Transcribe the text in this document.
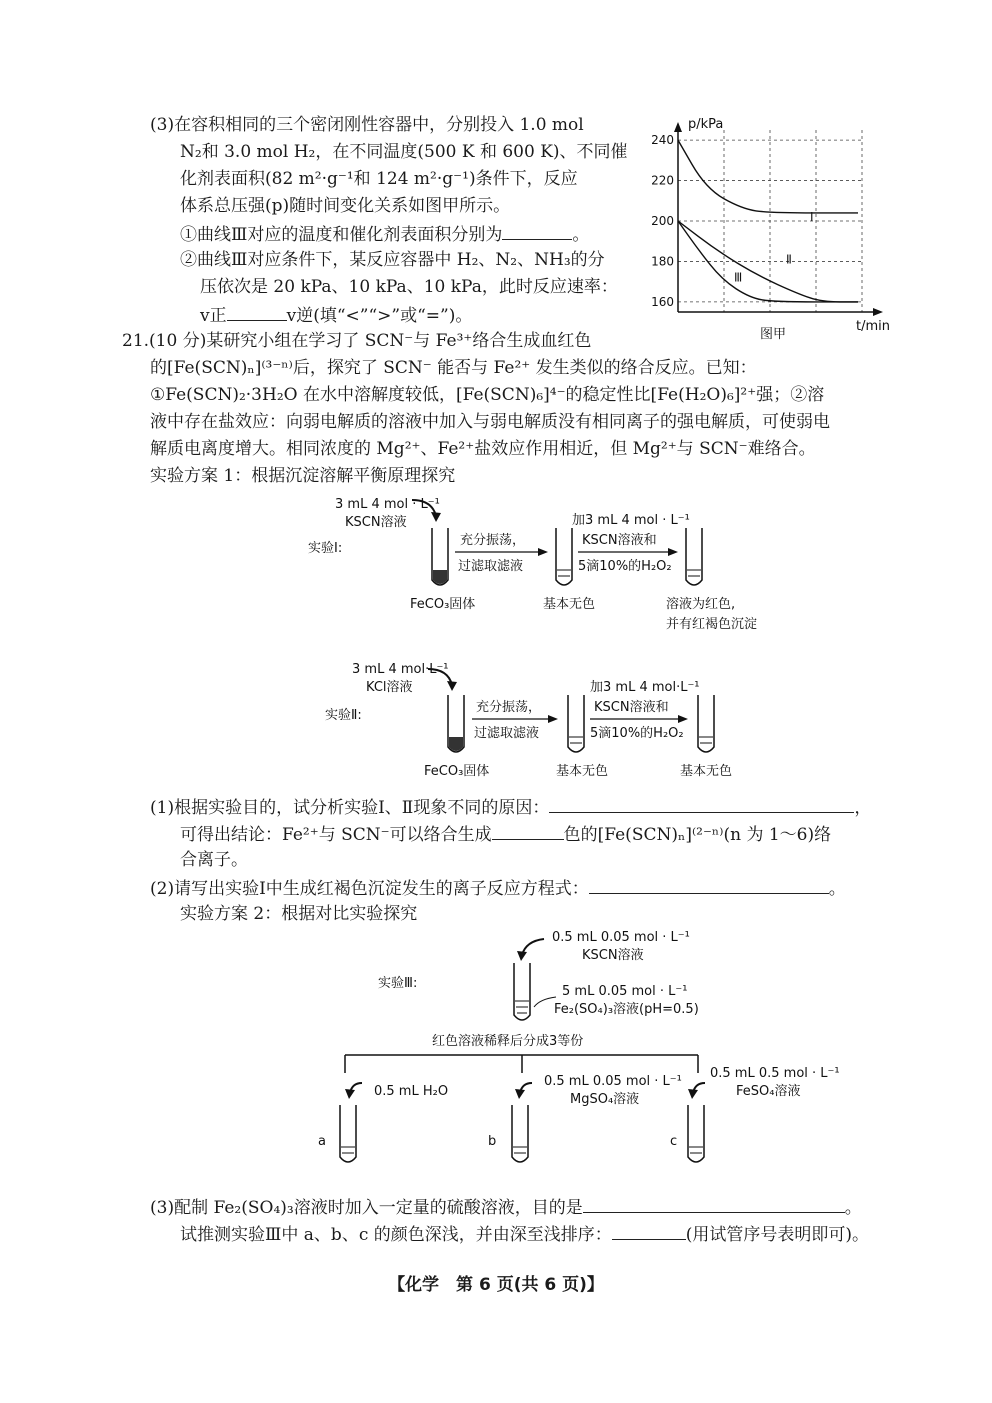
(3)在容积相同的三个密闭刚性容器中，分别投入 1.0 mol
N₂和 3.0 mol H₂，在不同温度(500 K 和 600 K)、不同催
化剂表面积(82 m²·g⁻¹和 124 m²·g⁻¹)条件下，反应
体系总压强(p)随时间变化关系如图甲所示。
①曲线Ⅲ对应的温度和催化剂表面积分别为	。
②曲线Ⅲ对应条件下，某反应容器中 H₂、N₂、NH₃的分
压依次是 20 kPa、10 kPa、10 kPa，此时反应速率：
v正	v逆(填“<”“>”或“=”)。
p/kPa
t/min
图甲
160
180
200
220
240
Ⅰ
Ⅱ
Ⅲ
21.(10 分)某研究小组在学习了 SCN⁻与 Fe³⁺络合生成血红色
的[Fe(SCN)ₙ]⁽³⁻ⁿ⁾后，探究了 SCN⁻ 能否与 Fe²⁺ 发生类似的络合反应。已知：
①Fe(SCN)₂·3H₂O 在水中溶解度较低，[Fe(SCN)₆]⁴⁻的稳定性比[Fe(H₂O)₆]²⁺强；②溶
液中存在盐效应：向弱电解质的溶液中加入与弱电解质没有相同离子的强电解质，可使弱电
解质电离度增大。相同浓度的 Mg²⁺、Fe²⁺盐效应作用相近，但 Mg²⁺与 SCN⁻难络合。
实验方案 1：根据沉淀溶解平衡原理探究
3 mL 4 mol · L⁻¹
KSCN溶液
实验Ⅰ:
FeCO₃固体
充分振荡，
过滤取滤液
基本无色
加3 mL 4 mol · L⁻¹
KSCN溶液和
5滴10%的H₂O₂
溶液为红色,
并有红褐色沉淀
3 mL 4 mol·L⁻¹
KCl溶液
实验Ⅱ:
FeCO₃固体
充分振荡，
过滤取滤液
基本无色
加3 mL 4 mol·L⁻¹
KSCN溶液和
5滴10%的H₂O₂
基本无色
(1)根据实验目的，试分析实验Ⅰ、Ⅱ现象不同的原因：	，
可得出结论：Fe²⁺与 SCN⁻可以络合生成	色的[Fe(SCN)ₙ]⁽²⁻ⁿ⁾(n 为 1～6)络
合离子。
(2)请写出实验Ⅰ中生成红褐色沉淀发生的离子反应方程式：	。
实验方案 2：根据对比实验探究
实验Ⅲ:
0.5 mL 0.05 mol · L⁻¹
KSCN溶液
5 mL 0.05 mol · L⁻¹
Fe₂(SO₄)₃溶液(pH=0.5)
红色溶液稀释后分成3等份
0.5 mL H₂O
0.5 mL 0.05 mol · L⁻¹
MgSO₄溶液
0.5 mL 0.5 mol · L⁻¹
FeSO₄溶液
a	b	c
(3)配制 Fe₂(SO₄)₃溶液时加入一定量的硫酸溶液，目的是	。
试推测实验Ⅲ中 a、b、c 的颜色深浅，并由深至浅排序：	(用试管序号表明即可)。
【化学　第 6 页(共 6 页)】
